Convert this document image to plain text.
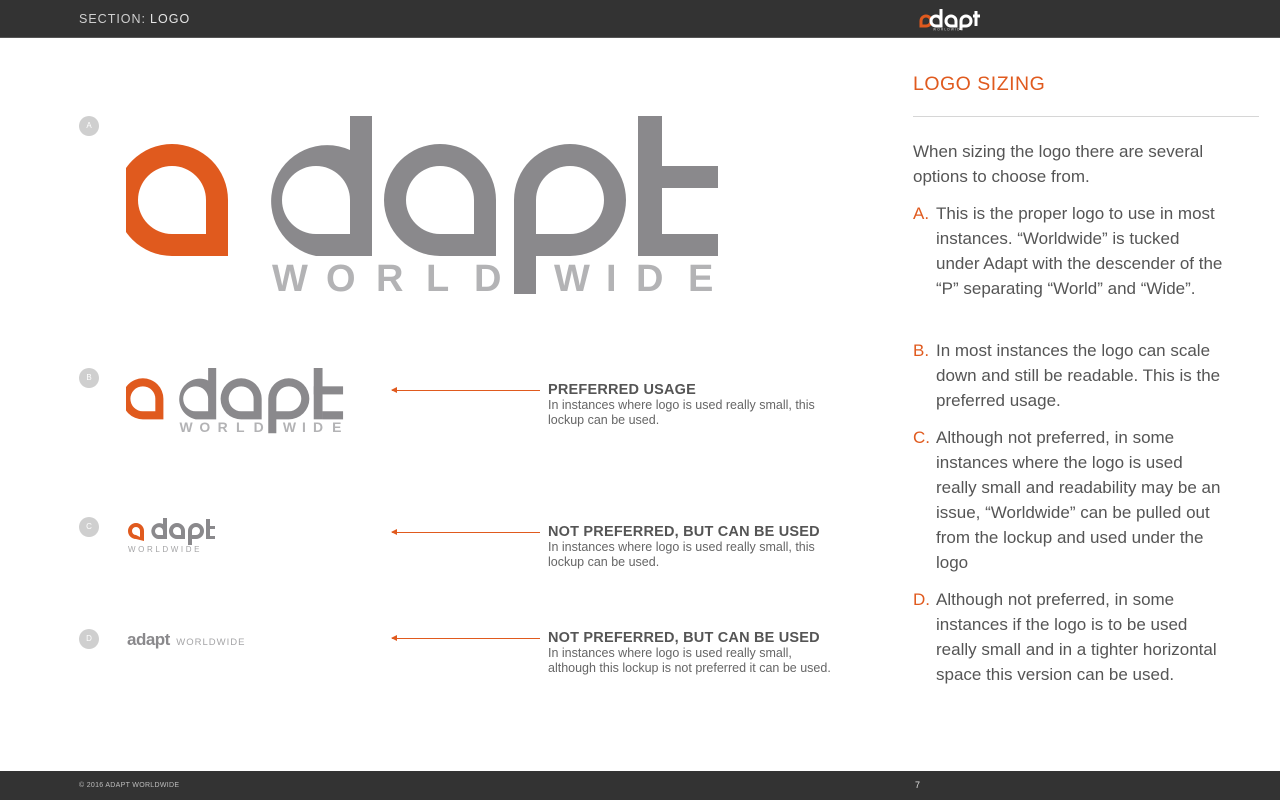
SECTION: LOGO
WORLDWIDE
A
B
C
D
W O R L D W I D E
W O R L D W I D E
WORLDWIDE
adapt WORLDWIDE
PREFERRED USAGE
In instances where logo is used really small, this lockup can be used.
NOT PREFERRED, BUT CAN BE USED
In instances where logo is used really small, this lockup can be used.
NOT PREFERRED, BUT CAN BE USED
In instances where logo is used really small, although this lockup is not preferred it can be used.
LOGO SIZING
When sizing the logo there are several options to choose from.
A. This is the proper logo to use in most instances. “Worldwide” is tucked under Adapt with the descender of the “P” separating “World” and “Wide”.
B. In most instances the logo can scale down and still be readable. This is the preferred usage.
C. Although not preferred, in some instances where the logo is used really small and readability may be an issue, “Worldwide” can be pulled out from the lockup and used under the logo
D. Although not preferred, in some instances if the logo is to be used really small and in a tighter horizontal space this version can be used.
© 2016 ADAPT WORLDWIDE	7
